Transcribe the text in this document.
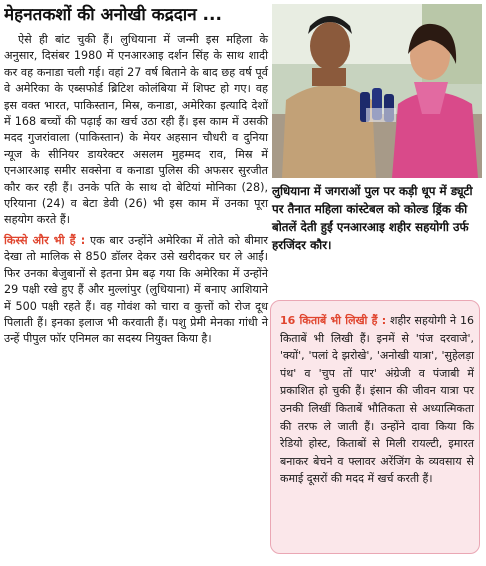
मेहनतकशों की अनोखी कद्रदान ...

ऐसे ही बांट चुकी हैं। लुधियाना में जन्मी इस महिला के अनुसार, दिसंबर 1980 में एनआरआइ दर्शन सिंह के साथ शादी कर वह कनाडा चली गई। वहां 27 वर्ष बिताने के बाद छह वर्ष पूर्व वे अमेरिका के एब्सफोर्ड ब्रिटिश कोलंबिया में शिफ्ट हो गए। वह इस वक्त भारत, पाकिस्तान, मिस्र, कनाडा, अमेरिका इत्यादि देशों में 168 बच्चों की पढ़ाई का खर्च उठा रही हैं। इस काम में उसकी मदद गुजरांवाला (पाकिस्तान) के मेयर अहसान चौधरी व दुनिया न्यूज के सीनियर डायरेक्टर असलम मुहम्मद राव, मिस्र में एनआरआइ समीर सक्सेना व कनाडा पुलिस की अफसर सुरजीत कौर कर रही हैं। उनके पति के साथ दो बेटियां मोनिका (28), एरियाना (24) व बेटा डेवी (26) भी इस काम में उनका पूरा सहयोग करते हैं।

किस्से और भी हैं : एक बार उन्होंने अमेरिका में तोते को बीमार देखा तो मालिक से 850 डॉलर देकर उसे खरीदकर घर ले आईं। फिर उनका बेजुबानों से इतना प्रेम बढ़ गया कि अमेरिका में उन्होंने 29 पक्षी रखे हुए हैं और मुल्लांपुर (लुधियाना) में बनाए आशियाने में 500 पक्षी रहते हैं। वह गोवंश को चारा व कुत्तों को रोज दूध पिलाती हैं। इनका इलाज भी करवाती हैं। पशु प्रेमी मेनका गांधी ने उन्हें पीपुल फॉर एनिमल का सदस्य नियुक्त किया है।

लुधियाना में जगराओं पुल पर कड़ी धूप में ड्यूटी पर तैनात महिला कांस्टेबल को कोल्ड ड्रिंक की बोतलें देती हुईं एनआरआइ शहीर सहयोगी उर्फ हरजिंदर कौर।
16 किताबें भी लिखी हैं : शहीर सहयोगी ने 16 किताबें भी लिखी हैं। इनमें से 'पंज दरवाजे', 'क्यों', 'पलां दे झरोखे', 'अनोखी यात्रा', 'सुहेलड़ा पंथ' व 'चुप तों पार' अंग्रेजी व पंजाबी में प्रकाशित हो चुकी हैं। इंसान की जीवन यात्रा पर उनकी लिखीं किताबें भौतिकता से अध्यात्मिकता की तरफ ले जाती हैं। उन्होंने दावा किया कि रेडियो होस्ट, किताबों से मिली रायल्टी, इमारत बनाकर बेचने व फ्लावर अरेंजिंग के व्यवसाय से कमाई दूसरों की मदद में खर्च करती हैं।
